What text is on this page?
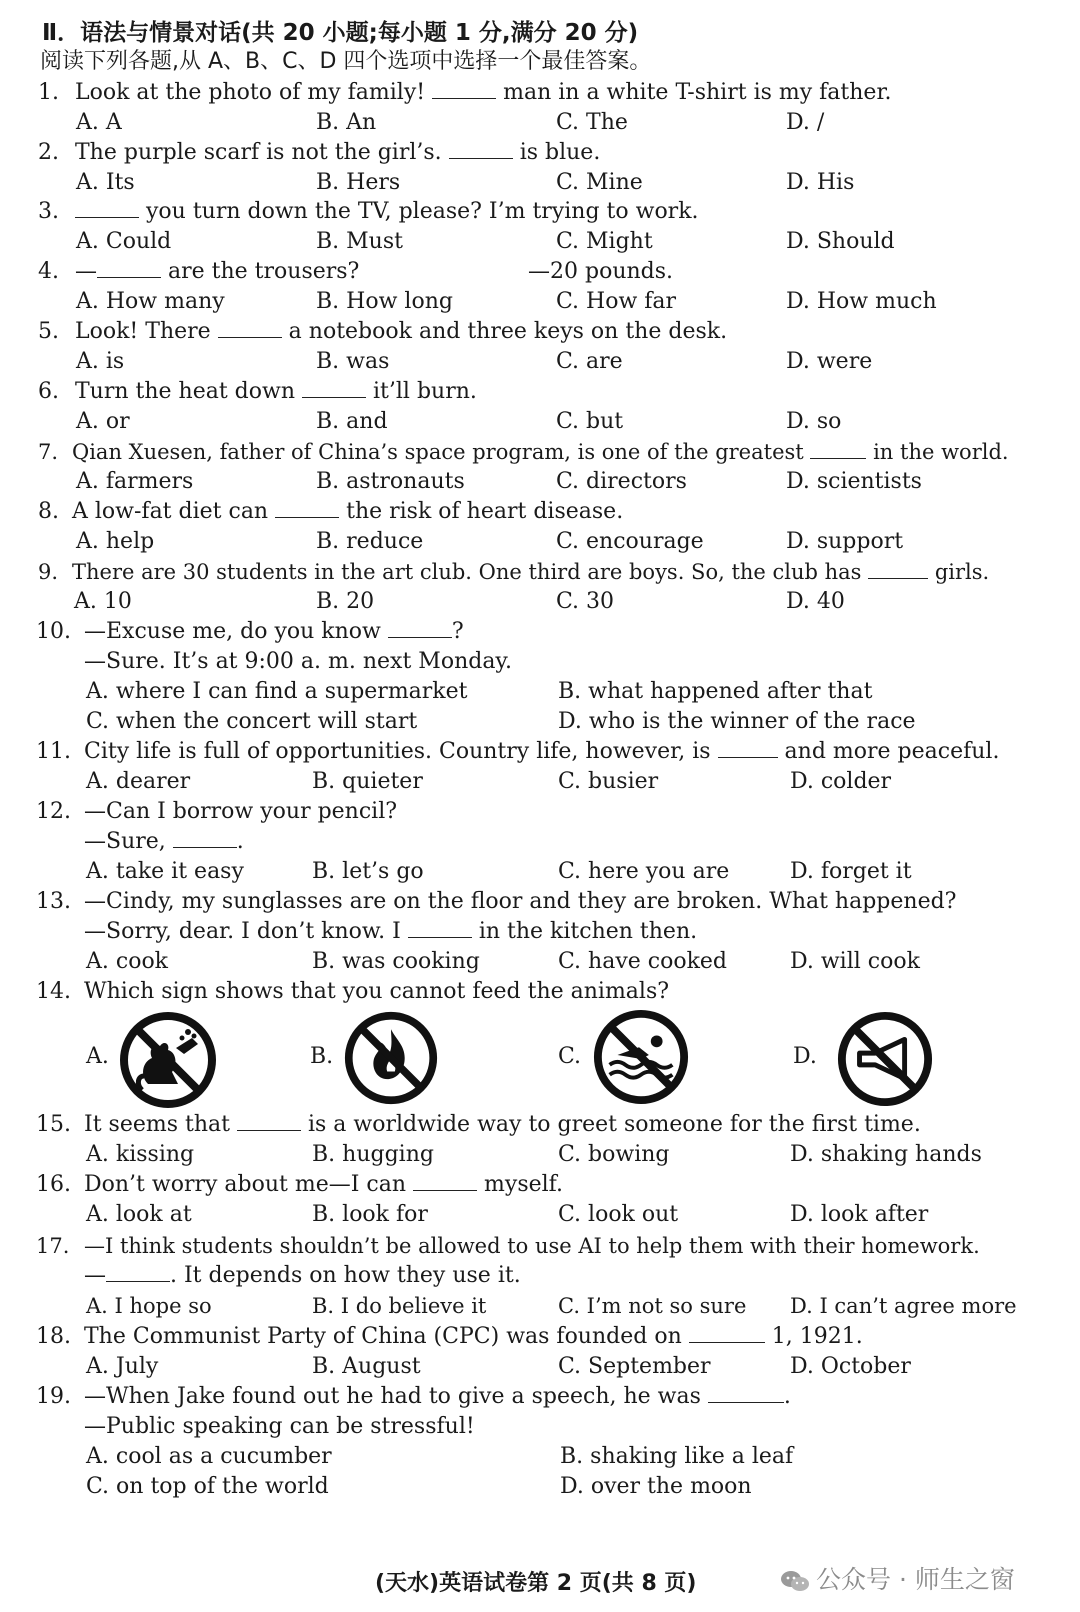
Ⅱ．语法与情景对话(共 20 小题;每小题 1 分,满分 20 分)
阅读下列各题,从 A、B、C、D 四个选项中选择一个最佳答案。
1. Look at the photo of my family!	man in a white T-shirt is my father.
A. A	B. An	C. The	D. /
2. The purple scarf is not the girl’s.	is blue.
A. Its	B. Hers	C. Mine	D. His
3.	you turn down the TV, please? I’m trying to work.
A. Could	B. Must	C. Might	D. Should
4. —	are the trousers?	—20 pounds.
A. How many	B. How long	C. How far	D. How much
5. Look! There	a notebook and three keys on the desk.
A. is	B. was	C. are	D. were
6. Turn the heat down	it’ll burn.
A. or	B. and	C. but	D. so
7. Qian Xuesen, father of China’s space program, is one of the greatest	in the world.
A. farmers	B. astronauts	C. directors	D. scientists
8. A low-fat diet can	the risk of heart disease.
A. help	B. reduce	C. encourage	D. support
9. There are 30 students in the art club. One third are boys. So, the club has	girls.
A. 10	B. 20	C. 30	D. 40
10. —Excuse me, do you know	?
—Sure. It’s at 9:00 a. m. next Monday.
A. where I can find a supermarket	B. what happened after that
C. when the concert will start	D. who is the winner of the race
11. City life is full of opportunities. Country life, however, is	and more peaceful.
A. dearer	B. quieter	C. busier	D. colder
12. —Can I borrow your pencil?
—Sure,	.
A. take it easy	B. let’s go	C. here you are	D. forget it
13. —Cindy, my sunglasses are on the floor and they are broken. What happened?
—Sorry, dear. I don’t know. I	in the kitchen then.
A. cook	B. was cooking	C. have cooked	D. will cook
14. Which sign shows that you cannot feed the animals?
A.	B.	C.	D.
15. It seems that	is a worldwide way to greet someone for the first time.
A. kissing	B. hugging	C. bowing	D. shaking hands
16. Don’t worry about me—I can	myself.
A. look at	B. look for	C. look out	D. look after
17. —I think students shouldn’t be allowed to use AI to help them with their homework.
—	. It depends on how they use it.
A. I hope so	B. I do believe it	C. I’m not so sure D. I can’t agree more
18. The Communist Party of China (CPC) was founded on	1, 1921.
A. July	B. August	C. September	D. October
19. —When Jake found out he had to give a speech, he was	.
—Public speaking can be stressful!
A. cool as a cucumber	B. shaking like a leaf
C. on top of the world	D. over the moon
(天水)英语试卷第 2 页(共 8 页)	公众号 · 师生之窗
